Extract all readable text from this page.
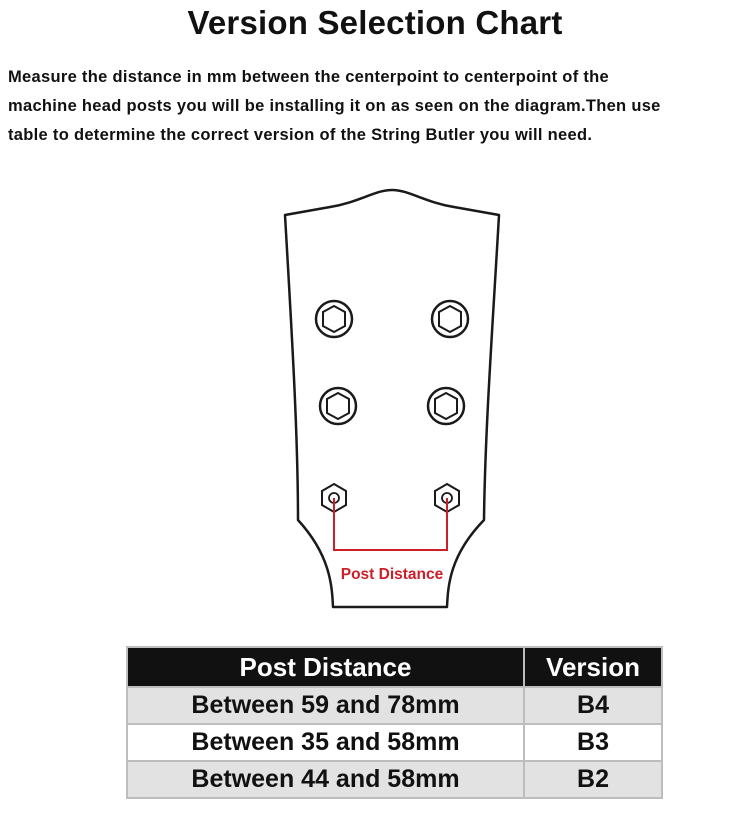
Version Selection Chart
Measure the distance in mm between the centerpoint to centerpoint of the
machine head posts you will be installing it on as seen on the diagram.Then use
table to determine the correct version of the String Butler you will need.
Post Distance
Post Distance	Version
Between 59 and 78mm	B4
Between 35 and 58mm	B3
Between 44 and 58mm	B2
